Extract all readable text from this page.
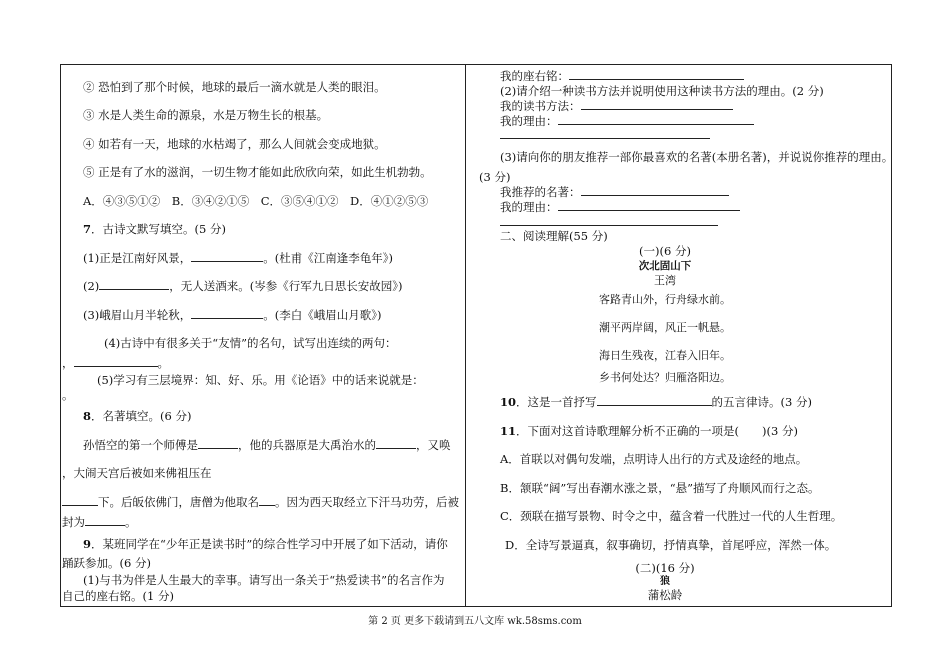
② 恐怕到了那个时候，地球的最后一滴水就是人类的眼泪。
③ 水是人类生命的源泉，水是万物生长的根基。
④ 如若有一天，地球的水枯竭了，那么人间就会变成地狱。
⑤ 正是有了水的滋润，一切生物才能如此欣欣向荣，如此生机勃勃。
A．④③⑤①②　B．③④②①⑤　C．③⑤④①②　D．④①②⑤③
7．古诗文默写填空。(5 分)
(1)正是江南好风景，	。(杜甫《江南逢李龟年》)
(2)	，无人送酒来。(岑参《行军九日思长安故园》)
(3)峨眉山月半轮秋，	。(李白《峨眉山月歌》)
(4)古诗中有很多关于“友情”的名句，试写出连续的两句：
，	。
(5)学习有三层境界：知、好、乐。用《论语》中的话来说就是：
。
8．名著填空。(6 分)
孙悟空的第一个师傅是	，他的兵器原是大禹治水的	，又唤
，大闹天宫后被如来佛祖压在
下。后皈依佛门，唐僧为他取名 。因为西天取经立下汗马功劳，后被
封为	。
9．某班同学在“少年正是读书时”的综合性学习中开展了如下活动，请你
踊跃参加。(6 分)
(1)与书为伴是人生最大的幸事。请写出一条关于“热爱读书”的名言作为
自己的座右铭。(1 分)
我的座右铭：
(2)请介绍一种读书方法并说明使用这种读书方法的理由。(2 分)
我的读书方法：
我的理由：
(3)请向你的朋友推荐一部你最喜欢的名著(本册名著)，并说说你推荐的理由。
(3 分)
我推荐的名著：
我的理由：
二、阅读理解(55 分)
(一)(6 分)
次北固山下
王湾
客路青山外，行舟绿水前。
潮平两岸阔，风正一帆悬。
海日生残夜，江春入旧年。
乡书何处达？归雁洛阳边。
10．这是一首抒写	的五言律诗。(3 分)
11．下面对这首诗歌理解分析不正确的一项是(　　)(3 分)
A．首联以对偶句发端，点明诗人出行的方式及途经的地点。
B．颔联“阔”写出春潮水涨之景，“悬”描写了舟顺风而行之态。
C．颈联在描写景物、时令之中，蕴含着一代胜过一代的人生哲理。
D．全诗写景逼真，叙事确切，抒情真挚，首尾呼应，浑然一体。
(二)(16 分)
狼
蒲松龄
第 2 页 更多下载请到五八文库 wk.58sms.com
